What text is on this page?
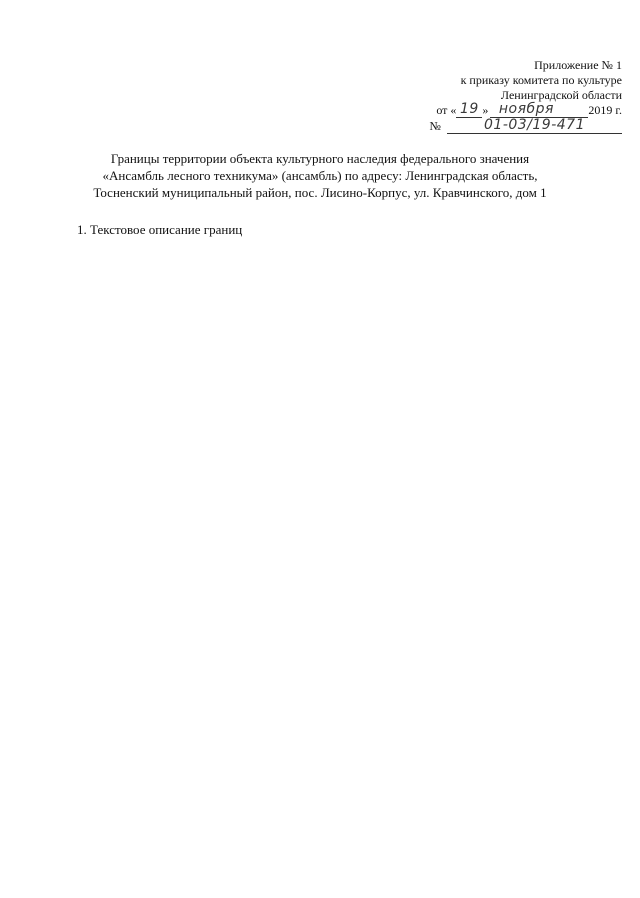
Приложение № 1
к приказу комитета по культуре
Ленинградской области
от « 19 » ноября	2019 г.
№	01-03/19-471
Границы территории объекта культурного наследия федерального значения
«Ансамбль лесного техникума» (ансамбль) по адресу: Ленинградская область,
Тосненский муниципальный район, пос. Лисино-Корпус, ул. Кравчинского, дом 1
1. Текстовое описание границ
